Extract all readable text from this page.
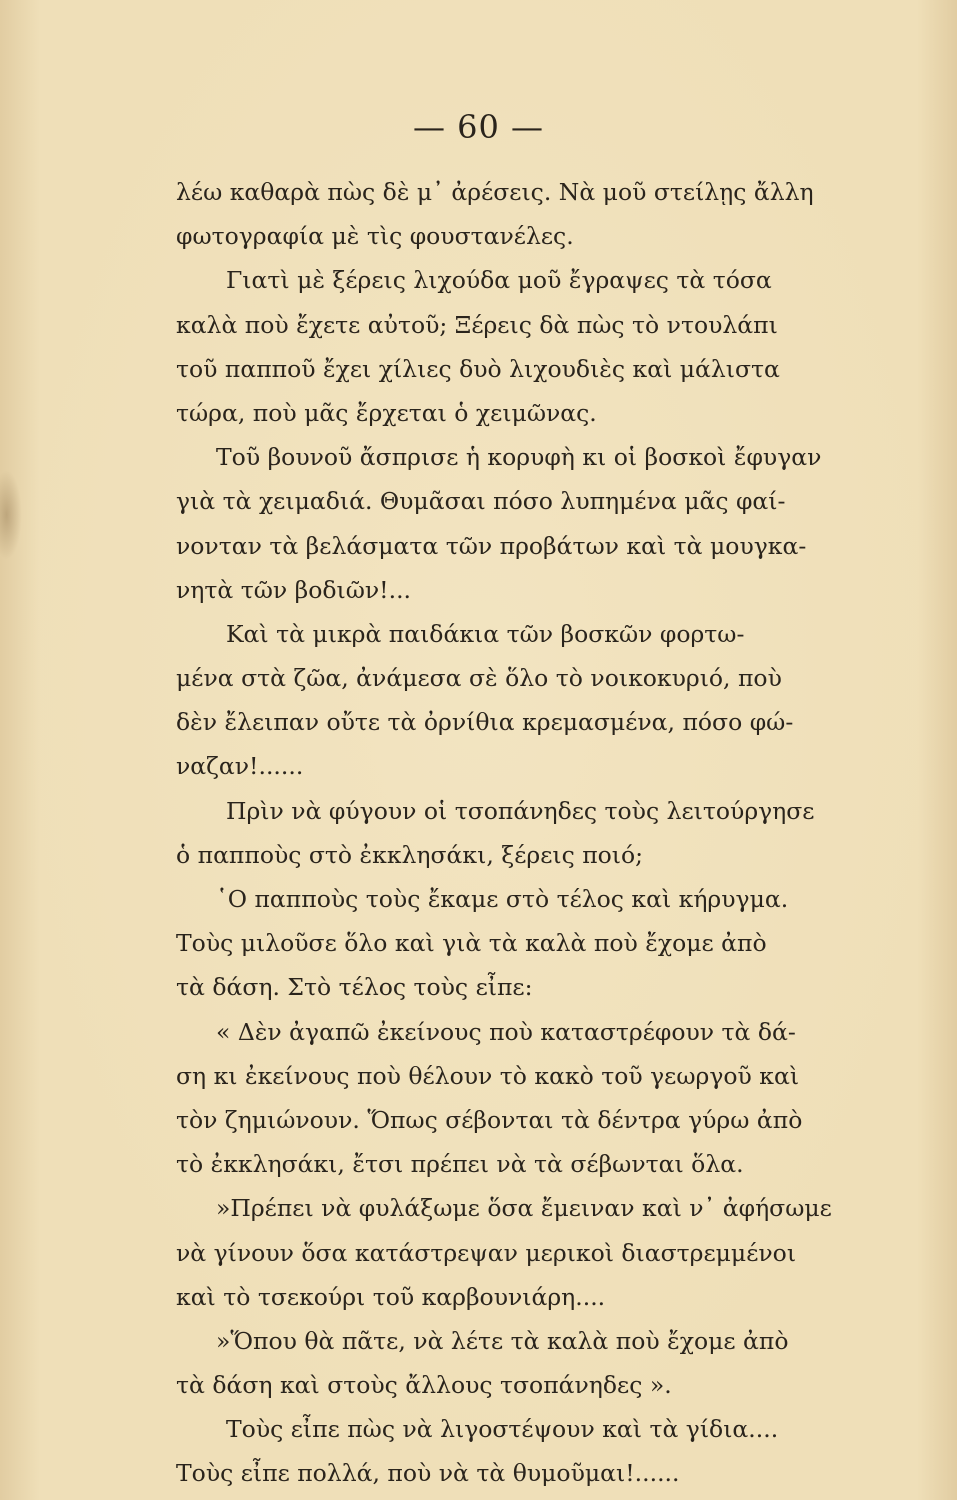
— 60 —
λέω καθαρὰ πὼς δὲ μ᾽ ἀρέσεις. Νὰ μοῦ στείλῃς ἄλλη
φωτογραφία μὲ τὶς φουστανέλες.
Γιατὶ μὲ ξέρεις λιχούδα μοῦ ἔγραψες τὰ τόσα
καλὰ ποὺ ἔχετε αὐτοῦ; Ξέρεις δὰ πὼς τὸ ντουλάπι
τοῦ παπποῦ ἔχει χίλιες δυὸ λιχουδιὲς καὶ μάλιστα
τώρα, ποὺ μᾶς ἔρχεται ὁ χειμῶνας.
Τοῦ βουνοῦ ἄσπρισε ἡ κορυφὴ κι οἱ βοσκοὶ ἔφυγαν
γιὰ τὰ χειμαδιά. Θυμᾶσαι πόσο λυπημένα μᾶς φαί-
νονταν τὰ βελάσματα τῶν προβάτων καὶ τὰ μουγκα-
νητὰ τῶν βοδιῶν!...
Καὶ τὰ μικρὰ παιδάκια τῶν βοσκῶν φορτω-
μένα στὰ ζῶα, ἀνάμεσα σὲ ὅλο τὸ νοικοκυριό, ποὺ
δὲν ἔλειπαν οὔτε τὰ ὀρνίθια κρεμασμένα, πόσο φώ-
ναζαν!......
Πρὶν νὰ φύγουν οἱ τσοπάνηδες τοὺς λειτούργησε
ὁ παπποὺς στὸ ἐκκλησάκι, ξέρεις ποιό;
῾Ο παπποὺς τοὺς ἔκαμε στὸ τέλος καὶ κήρυγμα.
Τοὺς μιλοῦσε ὅλο καὶ γιὰ τὰ καλὰ ποὺ ἔχομε ἀπὸ
τὰ δάση. Στὸ τέλος τοὺς εἶπε:
« Δὲν ἀγαπῶ ἐκείνους ποὺ καταστρέφουν τὰ δά-
ση κι ἐκείνους ποὺ θέλουν τὸ κακὸ τοῦ γεωργοῦ καὶ
τὸν ζημιώνουν. Ὅπως σέβονται τὰ δέντρα γύρω ἀπὸ
τὸ ἐκκλησάκι, ἔτσι πρέπει νὰ τὰ σέβωνται ὅλα.
»Πρέπει νὰ φυλάξωμε ὅσα ἔμειναν καὶ ν᾽ ἀφήσωμε
νὰ γίνουν ὅσα κατάστρεψαν μερικοὶ διαστρεμμένοι
καὶ τὸ τσεκούρι τοῦ καρβουνιάρη....
»Ὅπου θὰ πᾶτε, νὰ λέτε τὰ καλὰ ποὺ ἔχομε ἀπὸ
τὰ δάση καὶ στοὺς ἄλλους τσοπάνηδες ».
Τοὺς εἶπε πὼς νὰ λιγοστέψουν καὶ τὰ γίδια....
Τοὺς εἶπε πολλά, ποὺ νὰ τὰ θυμοῦμαι!......
